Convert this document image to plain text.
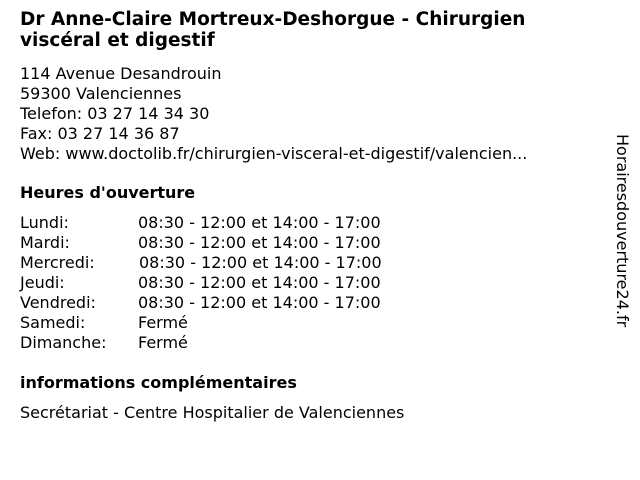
Dr Anne-Claire Mortreux-Deshorgue - Chirurgien viscéral et digestif
114 Avenue Desandrouin
59300 Valenciennes
Telefon: 03 27 14 34 30
Fax: 03 27 14 36 87
Web: www.doctolib.fr/chirurgien-visceral-et-digestif/valencien...
Heures d'ouverture
Lundi:	08:30 - 12:00 et 14:00 - 17:00
Mardi:	08:30 - 12:00 et 14:00 - 17:00
Mercredi:	08:30 - 12:00 et 14:00 - 17:00
Jeudi:	08:30 - 12:00 et 14:00 - 17:00
Vendredi:	08:30 - 12:00 et 14:00 - 17:00
Samedi:	Fermé
Dimanche: Fermé
informations complémentaires
Secrétariat - Centre Hospitalier de Valenciennes
Horairesdouverture24.fr
